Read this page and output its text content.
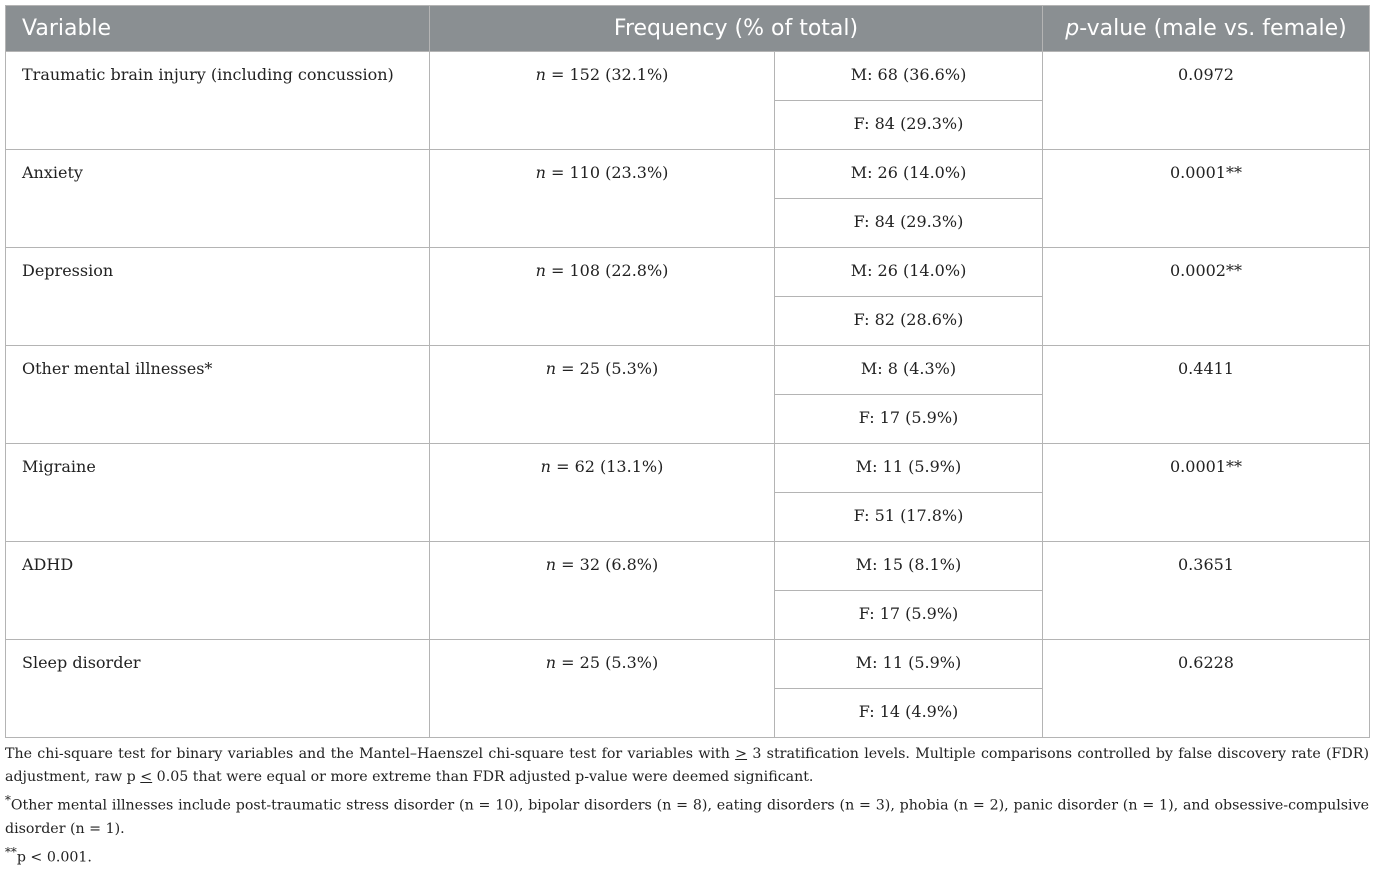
Variable	Frequency (% of total)		p-value (male vs. female)
Traumatic brain injury (including concussion)	n = 152 (32.1%)	M: 68 (36.6%)	0.0972
		F: 84 (29.3%)	
Anxiety	n = 110 (23.3%)	M: 26 (14.0%)	0.0001**
		F: 84 (29.3%)	
Depression	n = 108 (22.8%)	M: 26 (14.0%)	0.0002**
		F: 82 (28.6%)	
Other mental illnesses*	n = 25 (5.3%)	M: 8 (4.3%)	0.4411
		F: 17 (5.9%)	
Migraine	n = 62 (13.1%)	M: 11 (5.9%)	0.0001**
		F: 51 (17.8%)	
ADHD	n = 32 (6.8%)	M: 15 (8.1%)	0.3651
		F: 17 (5.9%)	
Sleep disorder	n = 25 (5.3%)	M: 11 (5.9%)	0.6228
		F: 14 (4.9%)	

The chi-square test for binary variables and the Mantel–Haenszel chi-square test for variables with > 3 stratification levels. Multiple comparisons controlled by false discovery rate (FDR) adjustment, raw p < 0.05 that were equal or more extreme than FDR adjusted p-value were deemed significant.

*Other mental illnesses include post-traumatic stress disorder (n = 10), bipolar disorders (n = 8), eating disorders (n = 3), phobia (n = 2), panic disorder (n = 1), and obsessive-compulsive disorder (n = 1).

**p < 0.001.
